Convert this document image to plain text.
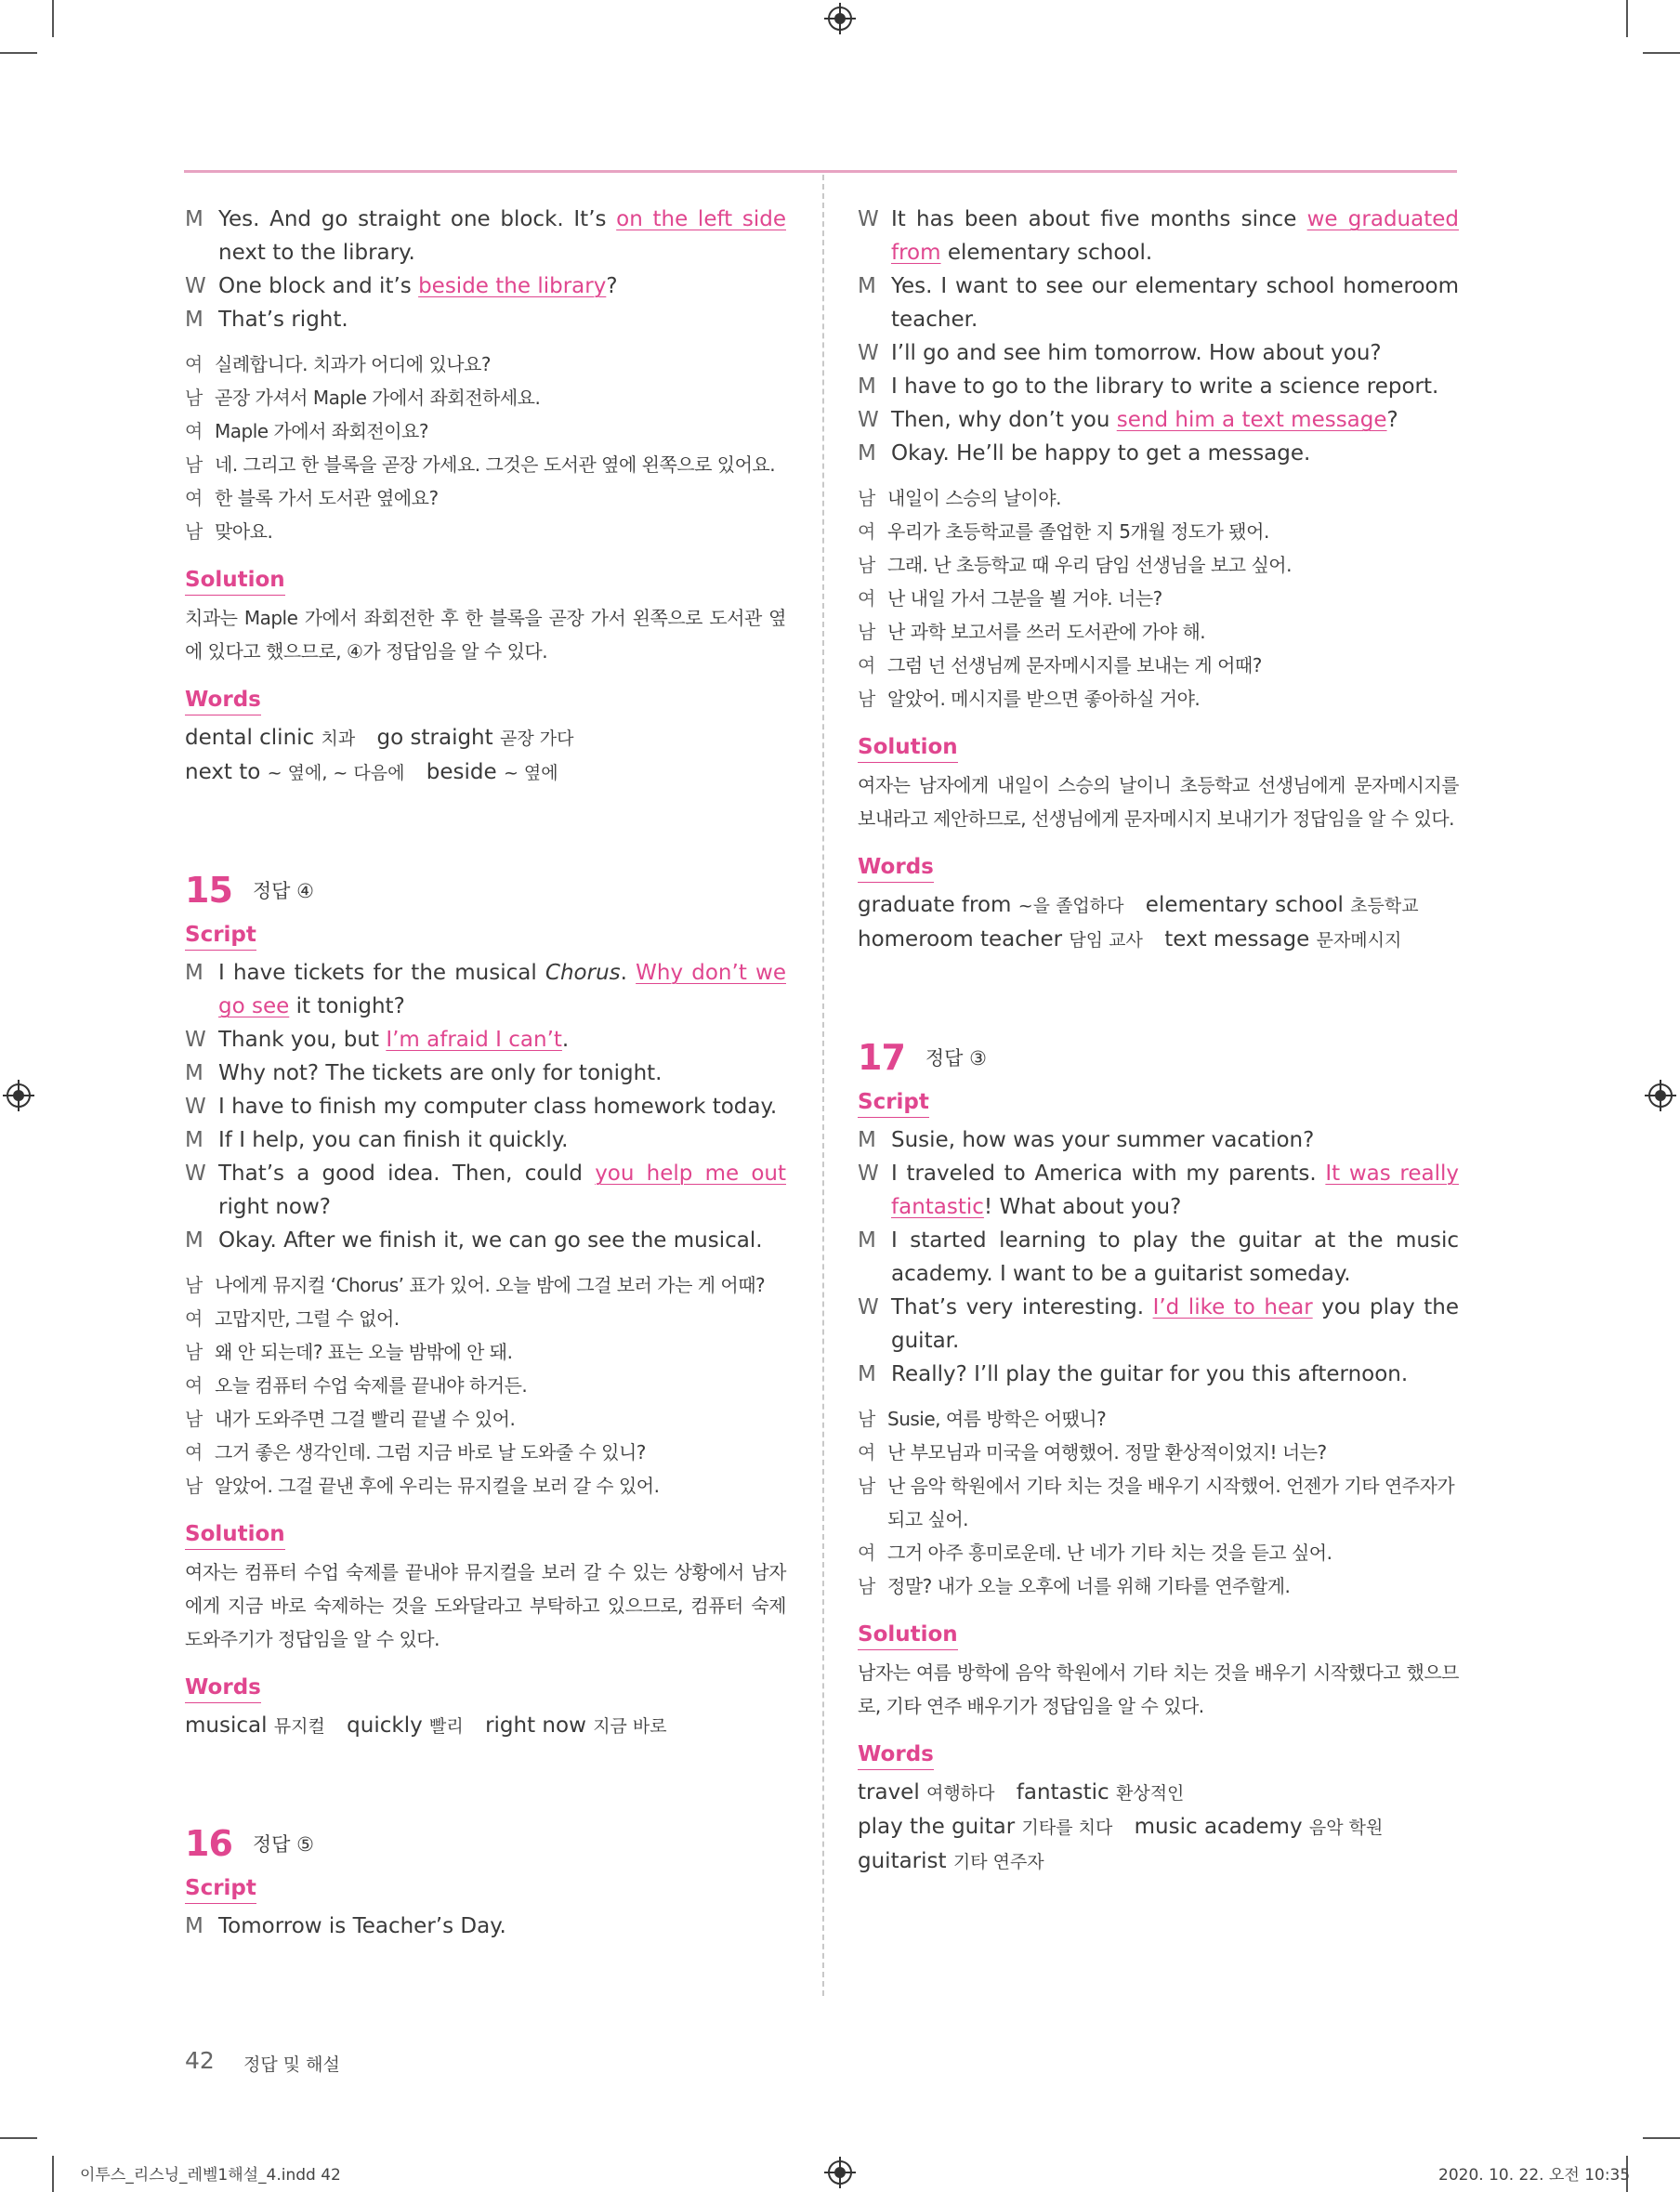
M Yes. And go straight one block. It’s on the left side next to the library.
W One block and it’s beside the library?
M That’s right.
여 실례합니다. 치과가 어디에 있나요?
남 곧장 가셔서 Maple 가에서 좌회전하세요.
여 Maple 가에서 좌회전이요?
남 네. 그리고 한 블록을 곧장 가세요. 그것은 도서관 옆에 왼쪽으로 있어요.
여 한 블록 가서 도서관 옆에요?
남 맞아요.
Solution
치과는 Maple 가에서 좌회전한 후 한 블록을 곧장 가서 왼쪽으로 도서관 옆에 있다고 했으므로, ④가 정답임을 알 수 있다.
Words
dental clinic 치과 go straight 곧장 가다 next to ~ 옆에, ~ 다음에 beside ~ 옆에
15 정답 ④
Script
M I have tickets for the musical Chorus. Why don’t we go see it tonight?
W Thank you, but I’m afraid I can’t.
M Why not? The tickets are only for tonight.
W I have to finish my computer class homework today.
M If I help, you can finish it quickly.
W That’s a good idea. Then, could you help me out right now?
M Okay. After we finish it, we can go see the musical.
남 나에게 뮤지컬 ‘Chorus’ 표가 있어. 오늘 밤에 그걸 보러 가는 게 어때?
여 고맙지만, 그럴 수 없어.
남 왜 안 되는데? 표는 오늘 밤밖에 안 돼.
여 오늘 컴퓨터 수업 숙제를 끝내야 하거든.
남 내가 도와주면 그걸 빨리 끝낼 수 있어.
여 그거 좋은 생각인데. 그럼 지금 바로 날 도와줄 수 있니?
남 알았어. 그걸 끝낸 후에 우리는 뮤지컬을 보러 갈 수 있어.
Solution
여자는 컴퓨터 수업 숙제를 끝내야 뮤지컬을 보러 갈 수 있는 상황에서 남자에게 지금 바로 숙제하는 것을 도와달라고 부탁하고 있으므로, 컴퓨터 숙제 도와주기가 정답임을 알 수 있다.
Words
musical 뮤지컬 quickly 빨리 right now 지금 바로
16 정답 ⑤
Script
M Tomorrow is Teacher’s Day.
W It has been about five months since we graduated from elementary school.
M Yes. I want to see our elementary school homeroom teacher.
W I’ll go and see him tomorrow. How about you?
M I have to go to the library to write a science report.
W Then, why don’t you send him a text message?
M Okay. He’ll be happy to get a message.
남 내일이 스승의 날이야.
여 우리가 초등학교를 졸업한 지 5개월 정도가 됐어.
남 그래. 난 초등학교 때 우리 담임 선생님을 보고 싶어.
여 난 내일 가서 그분을 뵐 거야. 너는?
남 난 과학 보고서를 쓰러 도서관에 가야 해.
여 그럼 넌 선생님께 문자메시지를 보내는 게 어때?
남 알았어. 메시지를 받으면 좋아하실 거야.
Solution
여자는 남자에게 내일이 스승의 날이니 초등학교 선생님에게 문자메시지를 보내라고 제안하므로, 선생님에게 문자메시지 보내기가 정답임을 알 수 있다.
Words
graduate from ~을 졸업하다 elementary school 초등학교 homeroom teacher 담임 교사 text message 문자메시지
17 정답 ③
Script
M Susie, how was your summer vacation?
W I traveled to America with my parents. It was really fantastic! What about you?
M I started learning to play the guitar at the music academy. I want to be a guitarist someday.
W That’s very interesting. I’d like to hear you play the guitar.
M Really? I’ll play the guitar for you this afternoon.
남 Susie, 여름 방학은 어땠니?
여 난 부모님과 미국을 여행했어. 정말 환상적이었지! 너는?
남 난 음악 학원에서 기타 치는 것을 배우기 시작했어. 언젠가 기타 연주자가 되고 싶어.
여 그거 아주 흥미로운데. 난 네가 기타 치는 것을 듣고 싶어.
남 정말? 내가 오늘 오후에 너를 위해 기타를 연주할게.
Solution
남자는 여름 방학에 음악 학원에서 기타 치는 것을 배우기 시작했다고 했으므로, 기타 연주 배우기가 정답임을 알 수 있다.
Words
travel 여행하다 fantastic 환상적인 play the guitar 기타를 치다 music academy 음악 학원 guitarist 기타 연주자
42 정답 및 해설
이투스_리스닝_레벨1해설_4.indd 42	2020. 10. 22. 오전 10:35
